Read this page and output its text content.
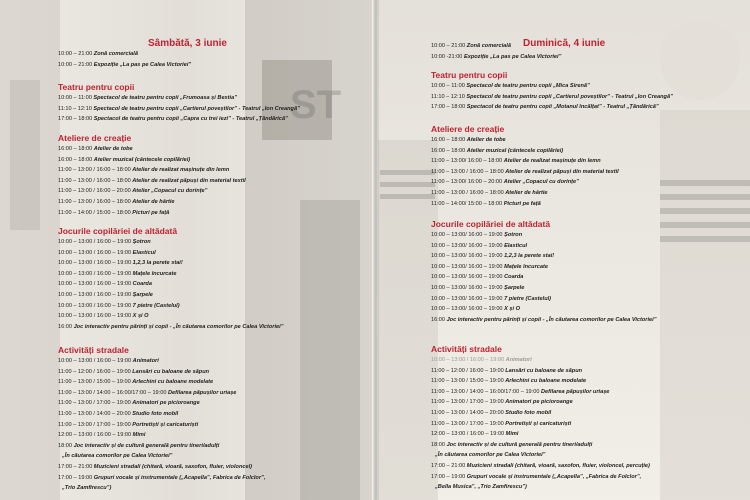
ST
Sâmbătă, 3 iunie
10:00 – 21:00 Zonă comercială
10:00 – 21:00 Expoziție „La pas pe Calea Victoriei”
Teatru pentru copii
10:00 – 11:00 Spectacol de teatru pentru copii „Frumoasa și Bestia”
11:10 – 12:10 Spectacol de teatru pentru copii „Cartierul poveștilor” - Teatrul „Ion Creangă”
17:00 – 18:00 Spectacol de teatru pentru copii „Capra cu trei iezi” - Teatrul „Țăndărică”
Ateliere de creație
16:00 – 18:00 Atelier de tobe
16:00 – 18:00 Atelier muzical (cântecele copilăriei)
11:00 – 13:00 / 16:00 – 18:00 Atelier de realizat mașinuțe din lemn
11:00 – 13:00 / 16:00 – 18:00 Atelier de realizat păpuși din material textil
11:00 – 13:00 / 16:00 – 20:00 Atelier „Copacul cu dorințe”
11:00 – 13:00 / 16:00 – 18:00 Atelier de hârtie
11:00 – 14:00 / 15:00 – 18:00 Picturi pe față
Jocurile copilăriei de altădată
10:00 – 13:00 / 16:00 – 19:00 Șotron
10:00 – 13:00 / 16:00 – 19:00 Elasticul
10:00 – 13:00 / 16:00 – 19:00 1,2,3 la perete stai!
10:00 – 13:00 / 16:00 – 19:00 Mațele încurcate
10:00 – 13:00 / 16:00 – 19:00 Coarda
10:00 – 13:00 / 16:00 – 19:00 Șarpele
10:00 – 13:00 / 16:00 – 19:00 7 pietre (Castelul)
10:00 – 13:00 / 16:00 – 19:00 X și O
16:00 Joc interactiv pentru părinți și copii - „În căutarea comorilor pe Calea Victoriei”
Activități stradale
10:00 – 13:00 / 16:00 – 19:00 Animatori
11:00 – 12:00 / 16:00 – 19:00 Lansări cu baloane de săpun
11:00 – 13:00 / 15:00 – 19:00 Arlechini cu baloane modelate
11:00 – 13:00 / 14:00 – 16:00/17:00 – 19:00 Defilarea păpușilor uriașe
11:00 – 13:00 / 17:00 – 19:00 Animatori pe picioroange
11:00 – 13:00 / 14:00 – 20:00 Studio foto mobil
11:00 – 13:00 / 17:00 – 19:00 Portretiști și caricaturiști
12:00 – 13:00 / 16:00 – 19:00 Mimi
18:00 Joc interactiv și de cultură generală pentru tineri/adulți
„În căutarea comorilor pe Calea Victoriei”
17:00 – 21:00 Muzicieni stradali (chitară, vioară, saxofon, fluier, violoncel)
17:00 – 19:00 Grupuri vocale și instrumentale („Acapella”, Fabrica de Folclor”,
„Trio Zamfirescu”)
Duminică, 4 iunie
10:00 – 21:00 Zonă comercială
10:00 -21:00 Expoziție „La pas pe Calea Victoriei”
Teatru pentru copii
10:00 – 11:00 Spectacol de teatru pentru copii „Mica Sirenă”
11:10 – 12:10 Spectacol de teatru pentru copii „Cartierul poveștilor” - Teatrul „Ion Creangă”
17:00 – 18:00 Spectacol de teatru pentru copii „Motanul încălțat” - Teatrul „Țăndărică”
Ateliere de creație
16:00 – 18:00 Atelier de tobe
16:00 – 18:00 Atelier muzical (cântecele copilăriei)
11:00 – 13:00/ 16:00 – 18:00 Atelier de realizat mașinuțe din lemn
11:00 – 13:00 / 16:00 – 18:00 Atelier de realizat păpuși din material textil
11:00 – 13:00/ 16:00 – 20:00 Atelier „Copacul cu dorințe”
11:00 – 13:00 / 16:00 – 18:00 Atelier de hârtie
11:00 – 14:00/ 15:00 – 18:00 Picturi pe față
Jocurile copilăriei de altădată
10:00 – 13:00/ 16:00 – 19:00 Șotron
10:00 – 13:00/ 16:00 – 19:00 Elasticul
10:00 – 13:00/ 16:00 – 19:00 1,2,3 la perete stai!
10:00 – 13:00/ 16:00 – 19:00 Mațele încurcate
10:00 – 13:00/ 16:00 – 19:00 Coarda
10:00 – 13:00/ 16:00 – 19:00 Șarpele
10:00 – 13:00/ 16:00 – 19:00 7 pietre (Castelul)
10:00 – 13:00/ 16:00 – 19:00 X și O
16:00 Joc interactiv pentru părinți și copii - „În căutarea comorilor pe Calea Victoriei”
Activități stradale
10:00 – 13:00 / 16:00 – 19:00 Animatori
11:00 – 12:00 / 16:00 – 19:00 Lansări cu baloane de săpun
11:00 – 13:00 / 15:00 – 19:00 Arlechini cu baloane modelate
11:00 – 13:00 / 14:00 – 16:00/17:00 – 19:00 Defilarea păpușilor uriașe
11:00 – 13:00 / 17:00 – 19:00 Animatori pe picioroange
11:00 – 13:00 / 14:00 – 20:00 Studio foto mobil
11:00 – 13:00 / 17:00 – 19:00 Portretiști și caricaturiști
12:00 – 13:00 / 16:00 – 19:00 Mimi
18:00 Joc interactiv și de cultură generală pentru tineri/adulți
„În căutarea comorilor pe Calea Victoriei”
17:00 – 21:00 Muzicieni stradali (chitară, vioară, saxofon, fluier, violoncel, percuție)
17:00 – 19:00 Grupuri vocale și instrumentale („Acapella”, „Fabrica de Folclor”,
„Bella Musica”, „Trio Zamfirescu”)
